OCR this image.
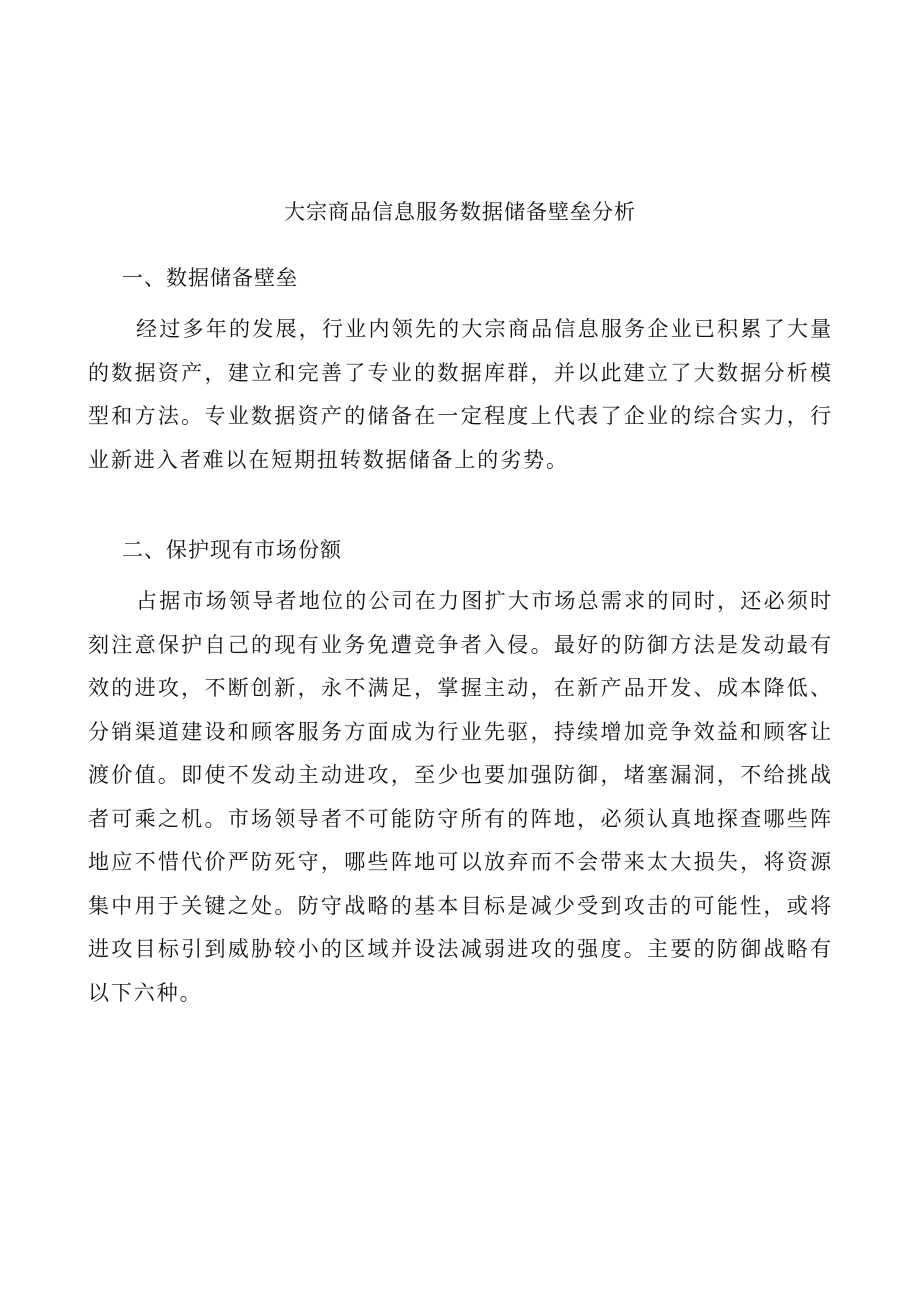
大宗商品信息服务数据储备壁垒分析
一、数据储备壁垒

经过多年的发展，行业内领先的大宗商品信息服务企业已积累了大量的数据资产，建立和完善了专业的数据库群，并以此建立了大数据分析模型和方法。专业数据资产的储备在一定程度上代表了企业的综合实力，行业新进入者难以在短期扭转数据储备上的劣势。

二、保护现有市场份额

占据市场领导者地位的公司在力图扩大市场总需求的同时，还必须时刻注意保护自己的现有业务免遭竞争者入侵。最好的防御方法是发动最有效的进攻，不断创新，永不满足，掌握主动，在新产品开发、成本降低、分销渠道建设和顾客服务方面成为行业先驱，持续增加竞争效益和顾客让渡价值。即使不发动主动进攻，至少也要加强防御，堵塞漏洞，不给挑战者可乘之机。市场领导者不可能防守所有的阵地，必须认真地探查哪些阵地应不惜代价严防死守，哪些阵地可以放弃而不会带来太大损失，将资源集中用于关键之处。防守战略的基本目标是减少受到攻击的可能性，或将进攻目标引到威胁较小的区域并设法减弱进攻的强度。主要的防御战略有以下六种。
